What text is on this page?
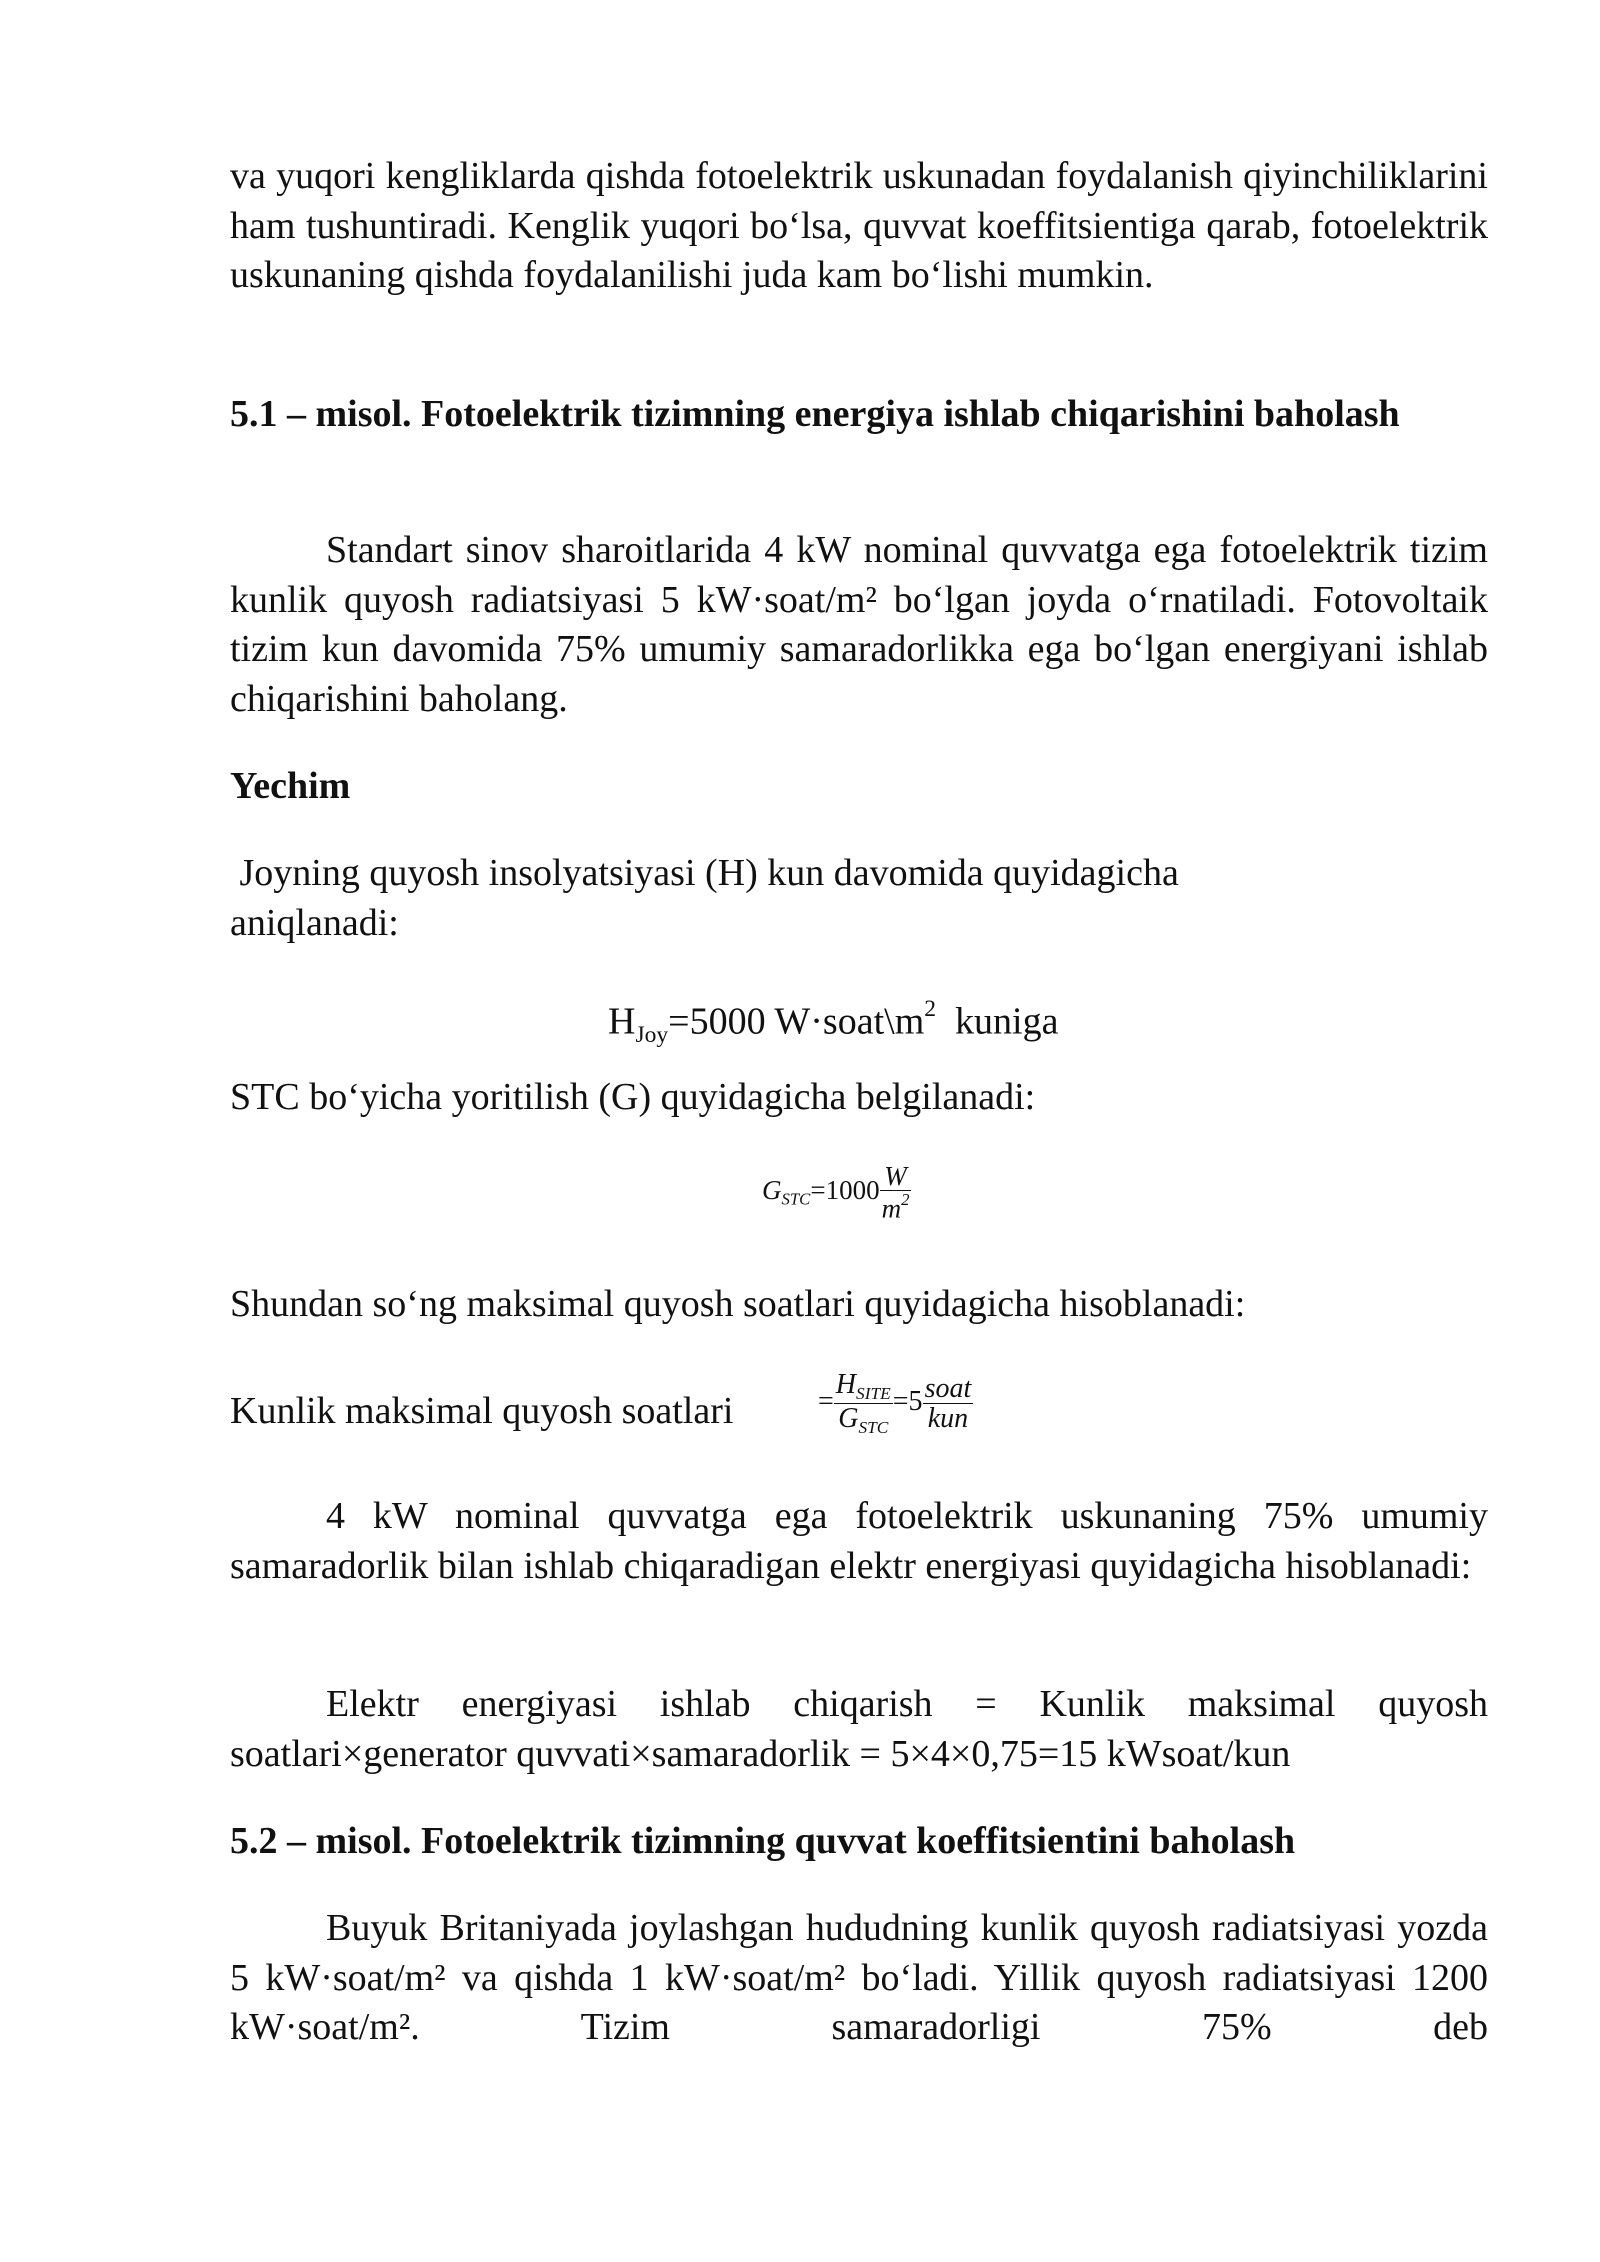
va yuqori kengliklarda qishda fotoelektrik uskunadan foydalanish qiyinchiliklarini ham tushuntiradi. Kenglik yuqori bo‘lsa, quvvat koeffitsientiga qarab, fotoelektrik uskunaning qishda foydalanilishi juda kam bo‘lishi mumkin.
5.1 – misol. Fotoelektrik tizimning energiya ishlab chiqarishini baholash
Standart sinov sharoitlarida 4 kW nominal quvvatga ega fotoelektrik tizim kunlik quyosh radiatsiyasi 5 kW·soat/m² bo‘lgan joyda o‘rnatiladi. Fotovoltaik tizim kun davomida 75% umumiy samaradorlikka ega bo‘lgan energiyani ishlab chiqarishini baholang.
Yechim
Joyning quyosh insolyatsiyasi (H) kun davomida quyidagicha aniqlanadi:
$H_{Joy}=5000$ $W\cdot soat\backslash m^2$  kuniga
STC bo‘yicha yoritilish (G) quyidagicha belgilanadi:
$G_{STC}=1000 \frac{W}{m^2}$
Shundan so‘ng maksimal quyosh soatlari quyidagicha hisoblanadi:
Kunlik maksimal quyosh soatlari	= $\frac{H_{SITE}}{G_{STC}} =5 \frac{\text{soat}}{\text{kun}}$
4 kW nominal quvvatga ega fotoelektrik uskunaning 75% umumiy samaradorlik bilan ishlab chiqaradigan elektr energiyasi quyidagicha hisoblanadi:
Elektr energiyasi ishlab chiqarish = Kunlik maksimal quyosh soatlari×generator quvvati×samaradorlik = 5×4×0,75=15 kWsoat/kun
5.2 – misol. Fotoelektrik tizimning quvvat koeffitsientini baholash
Buyuk Britaniyada joylashgan hududning kunlik quyosh radiatsiyasi yozda 5 kW·soat/m² va qishda 1 kW·soat/m² bo‘ladi. Yillik quyosh radiatsiyasi 1200 kW·soat/m². Tizim samaradorligi 75% deb
